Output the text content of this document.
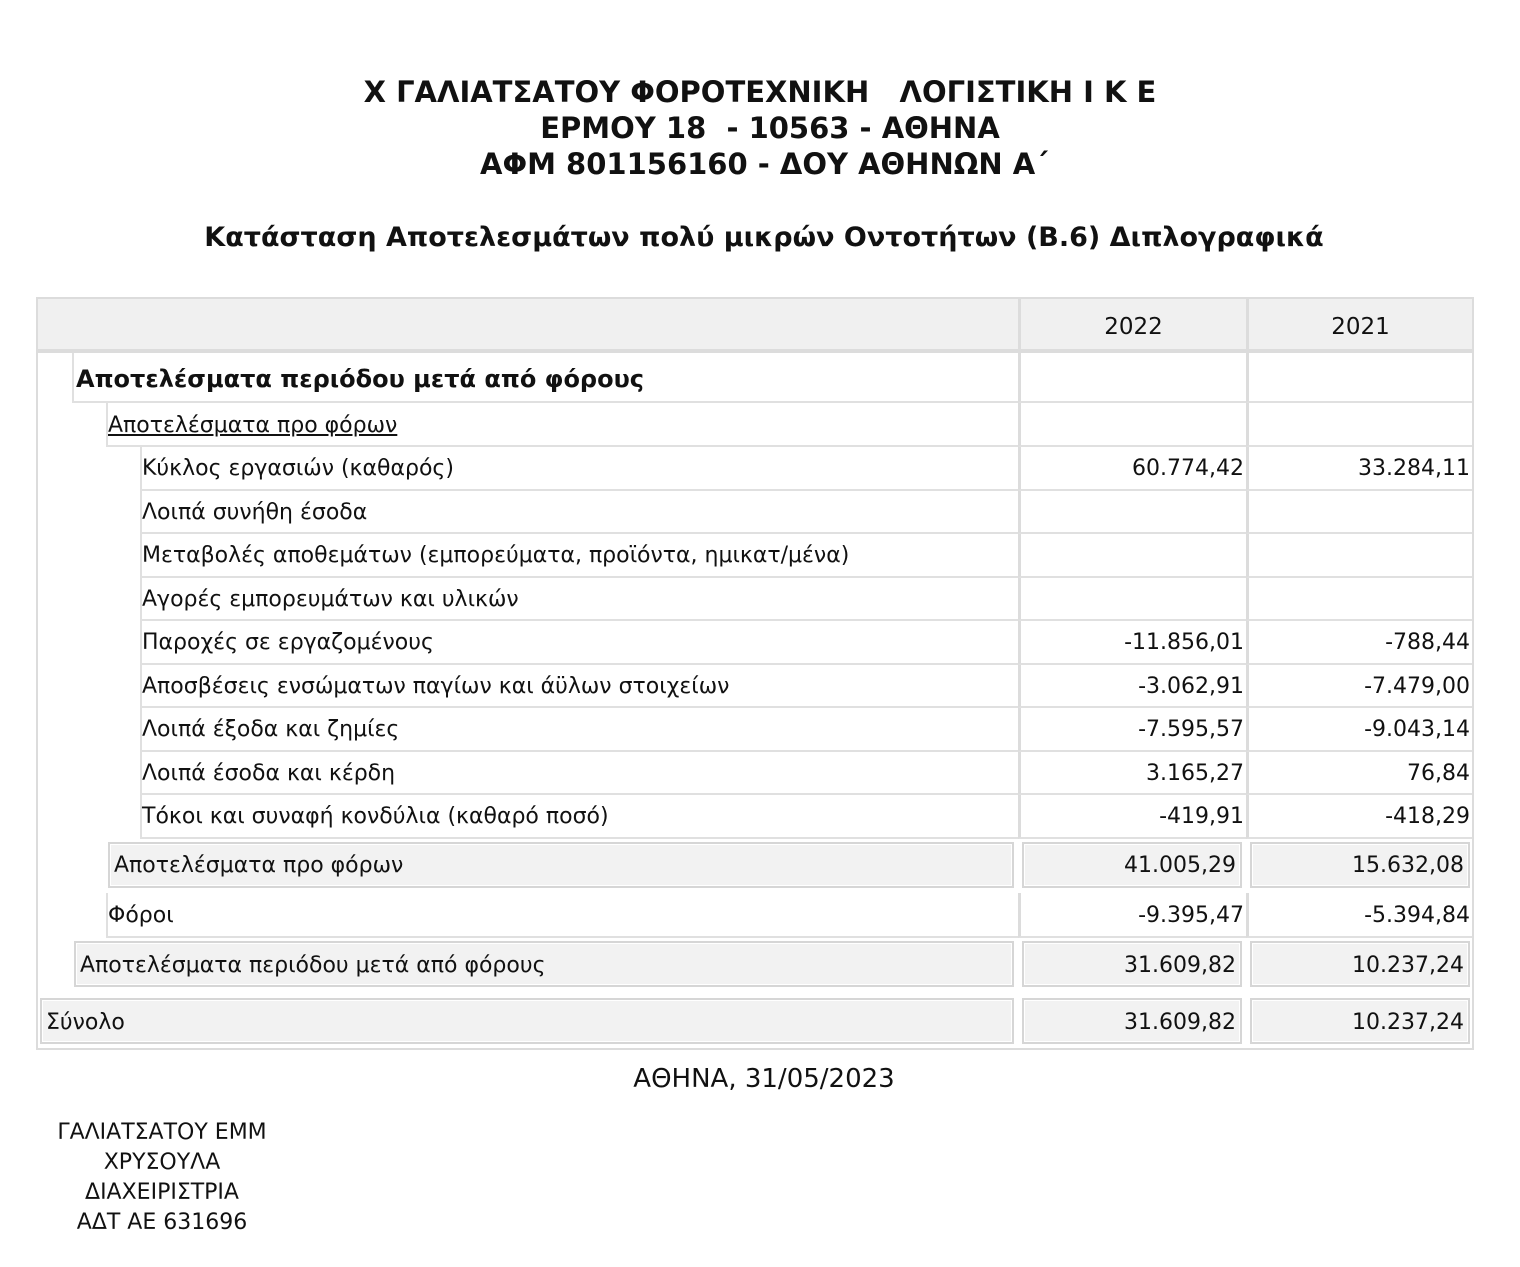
Χ ΓΑΛΙΑΤΣΑΤΟΥ ΦΟΡΟΤΕΧΝΙΚΗ   ΛΟΓΙΣΤΙΚΗ Ι Κ Ε
ΕΡΜΟΥ 18  - 10563 - ΑΘΗΝΑ
ΑΦΜ 801156160 - ΔΟΥ ΑΘΗΝΩΝ Α΄
Κατάσταση Αποτελεσμάτων πολύ μικρών Οντοτήτων (Β.6) Διπλογραφικά
2022	2021
Αποτελέσματα περιόδου μετά από φόρους
Αποτελέσματα προ φόρων
Κύκλος εργασιών (καθαρός)	60.774,42	33.284,11
Λοιπά συνήθη έσοδα
Μεταβολές αποθεμάτων (εμπορεύματα, προϊόντα, ημικατ/μένα)
Αγορές εμπορευμάτων και υλικών
Παροχές σε εργαζομένους	-11.856,01	-788,44
Αποσβέσεις ενσώματων παγίων και άϋλων στοιχείων	-3.062,91	-7.479,00
Λοιπά έξοδα και ζημίες	-7.595,57	-9.043,14
Λοιπά έσοδα και κέρδη	3.165,27	76,84
Τόκοι και συναφή κονδύλια (καθαρό ποσό)	-419,91	-418,29
Αποτελέσματα προ φόρων	41.005,29	15.632,08
Φόροι	-9.395,47	-5.394,84
Αποτελέσματα περιόδου μετά από φόρους	31.609,82	10.237,24
Σύνολο	31.609,82	10.237,24
ΑΘΗΝΑ, 31/05/2023
ΓΑΛΙΑΤΣΑΤΟΥ ΕΜΜ
ΧΡΥΣΟΥΛΑ
ΔΙΑΧΕΙΡΙΣΤΡΙΑ
ΑΔΤ ΑΕ 631696
